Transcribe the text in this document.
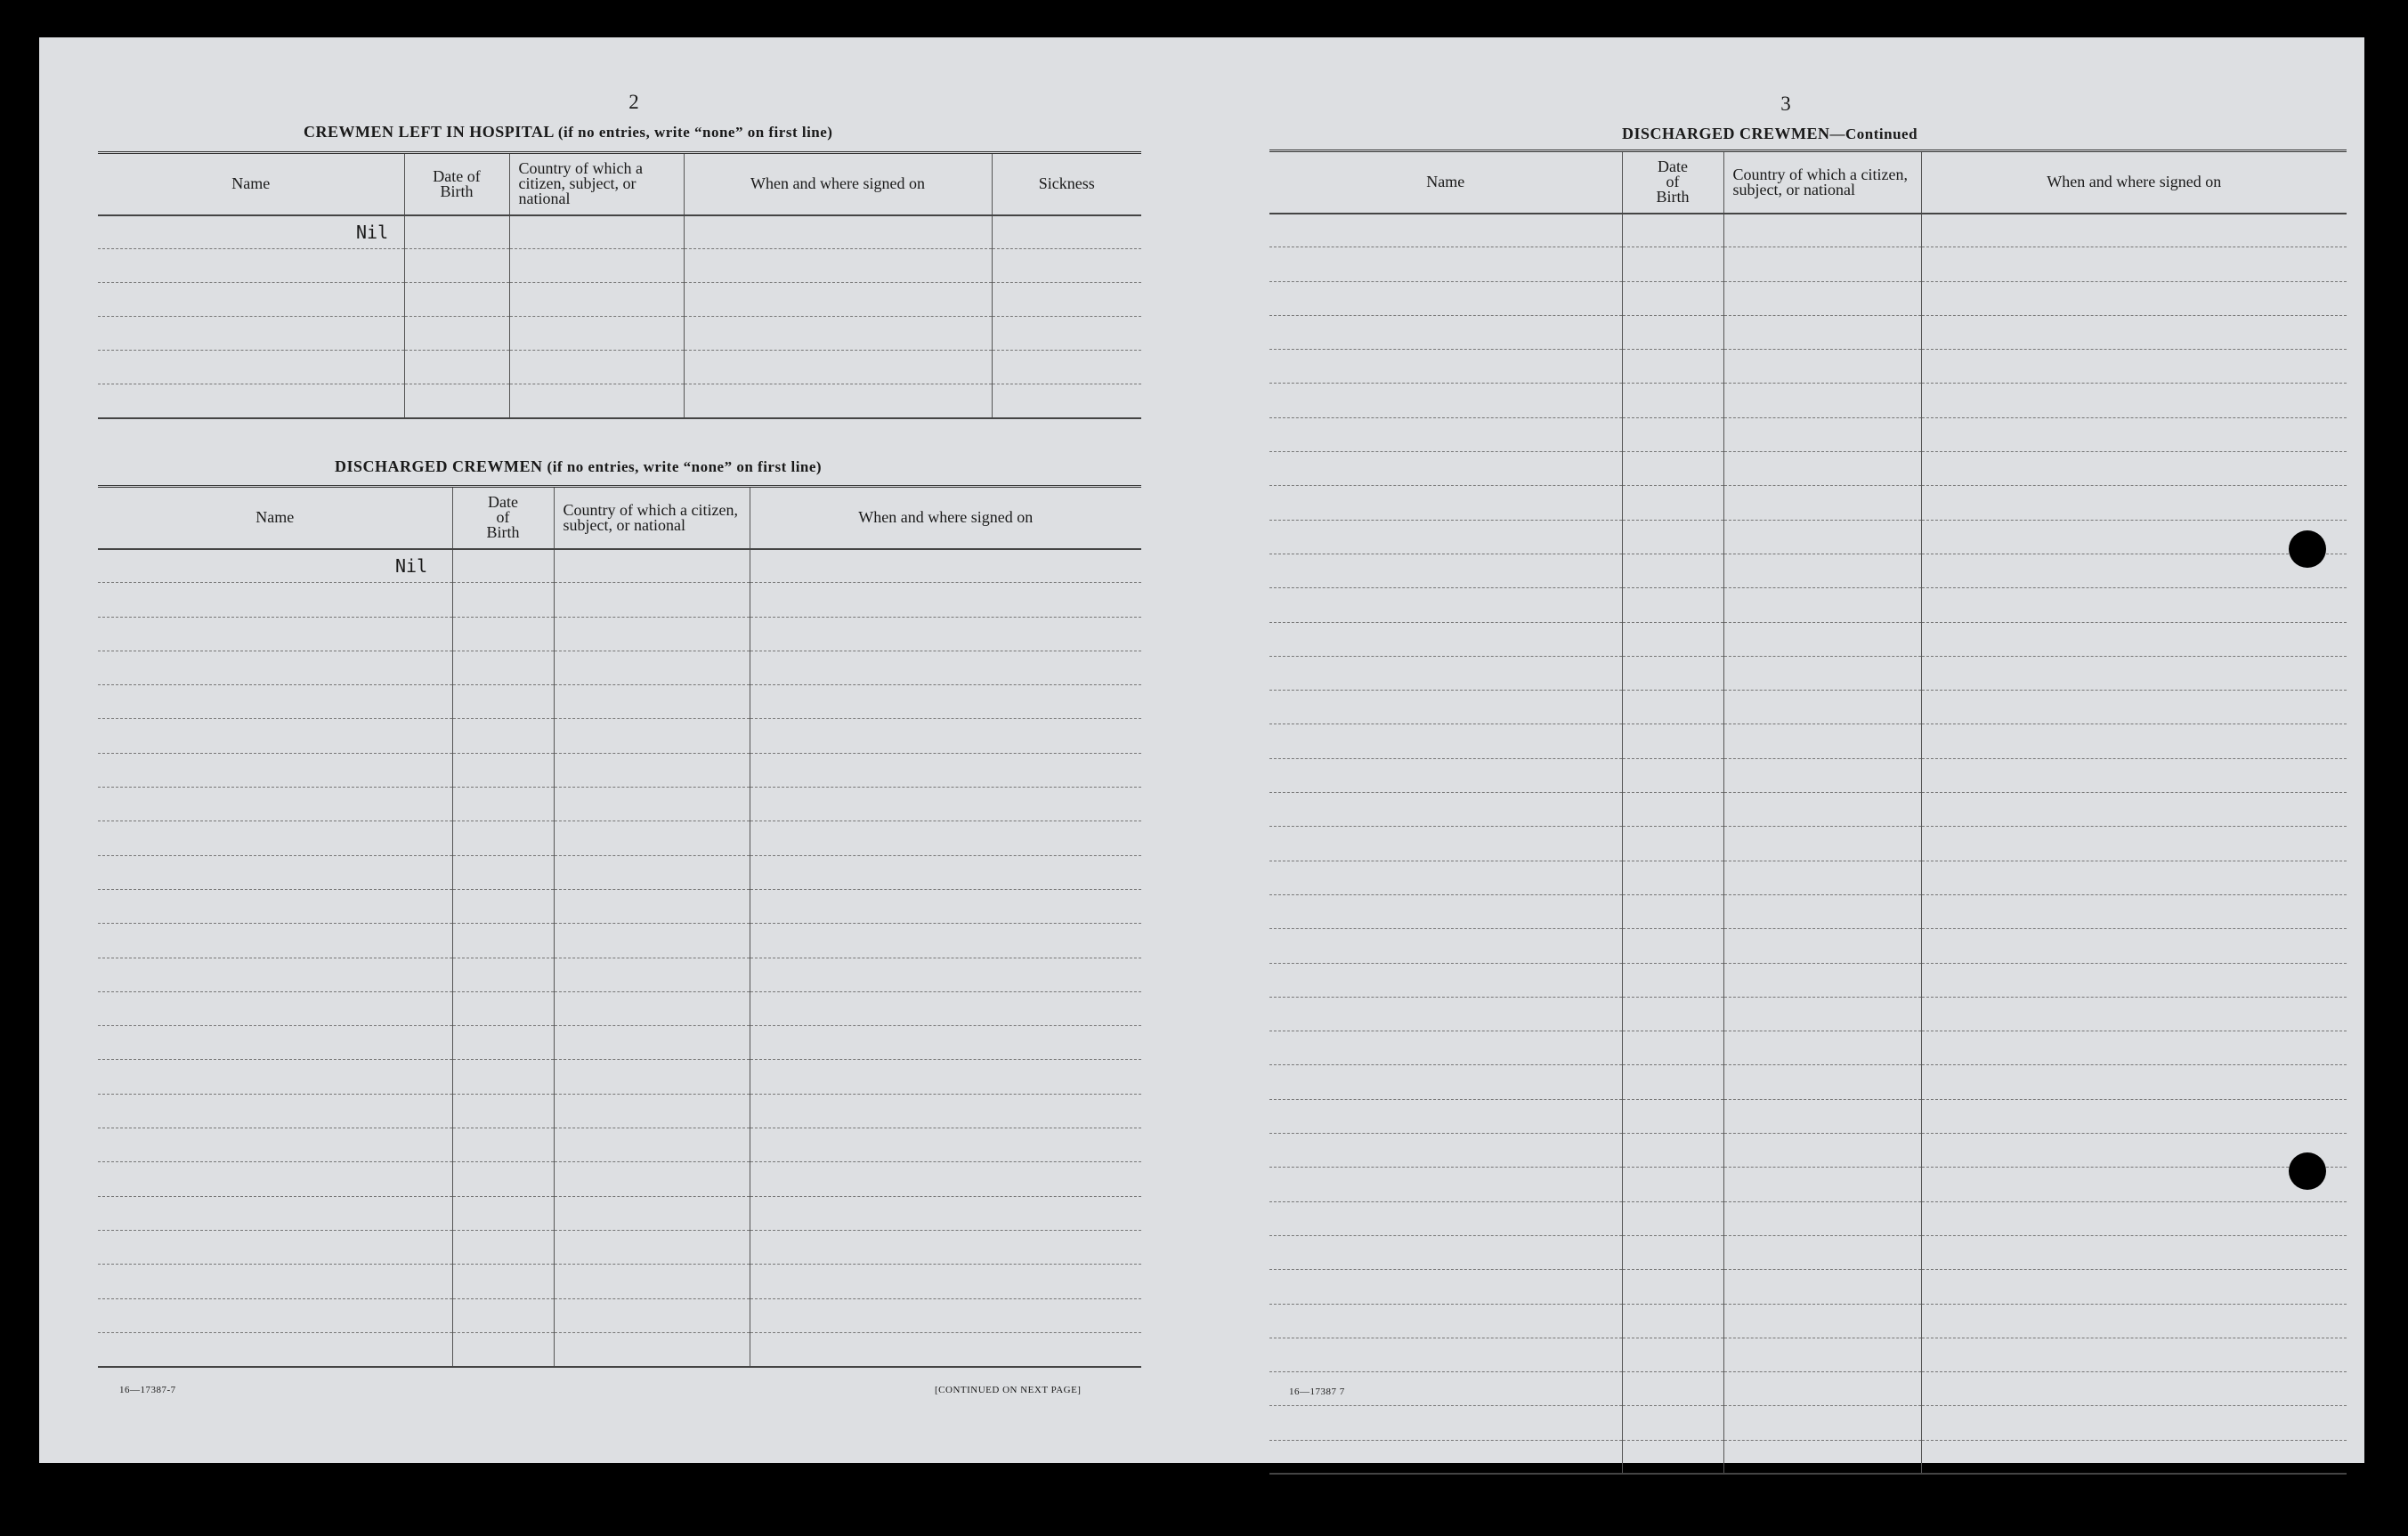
2
CREWMEN LEFT IN HOSPITAL (if no entries, write “none” on first line)
Name	Date of Birth	Country of which a citizen, subject, or national	When and where signed on	Sickness
Nil				

DISCHARGED CREWMEN (if no entries, write “none” on first line)
Name	Date of Birth	Country of which a citizen, subject, or national	When and where signed on
Nil			

16—17387-7	[CONTINUED ON NEXT PAGE]
3
DISCHARGED CREWMEN—Continued
Name	Date of Birth	Country of which a citizen, subject, or national	When and where signed on

16—17387 7
